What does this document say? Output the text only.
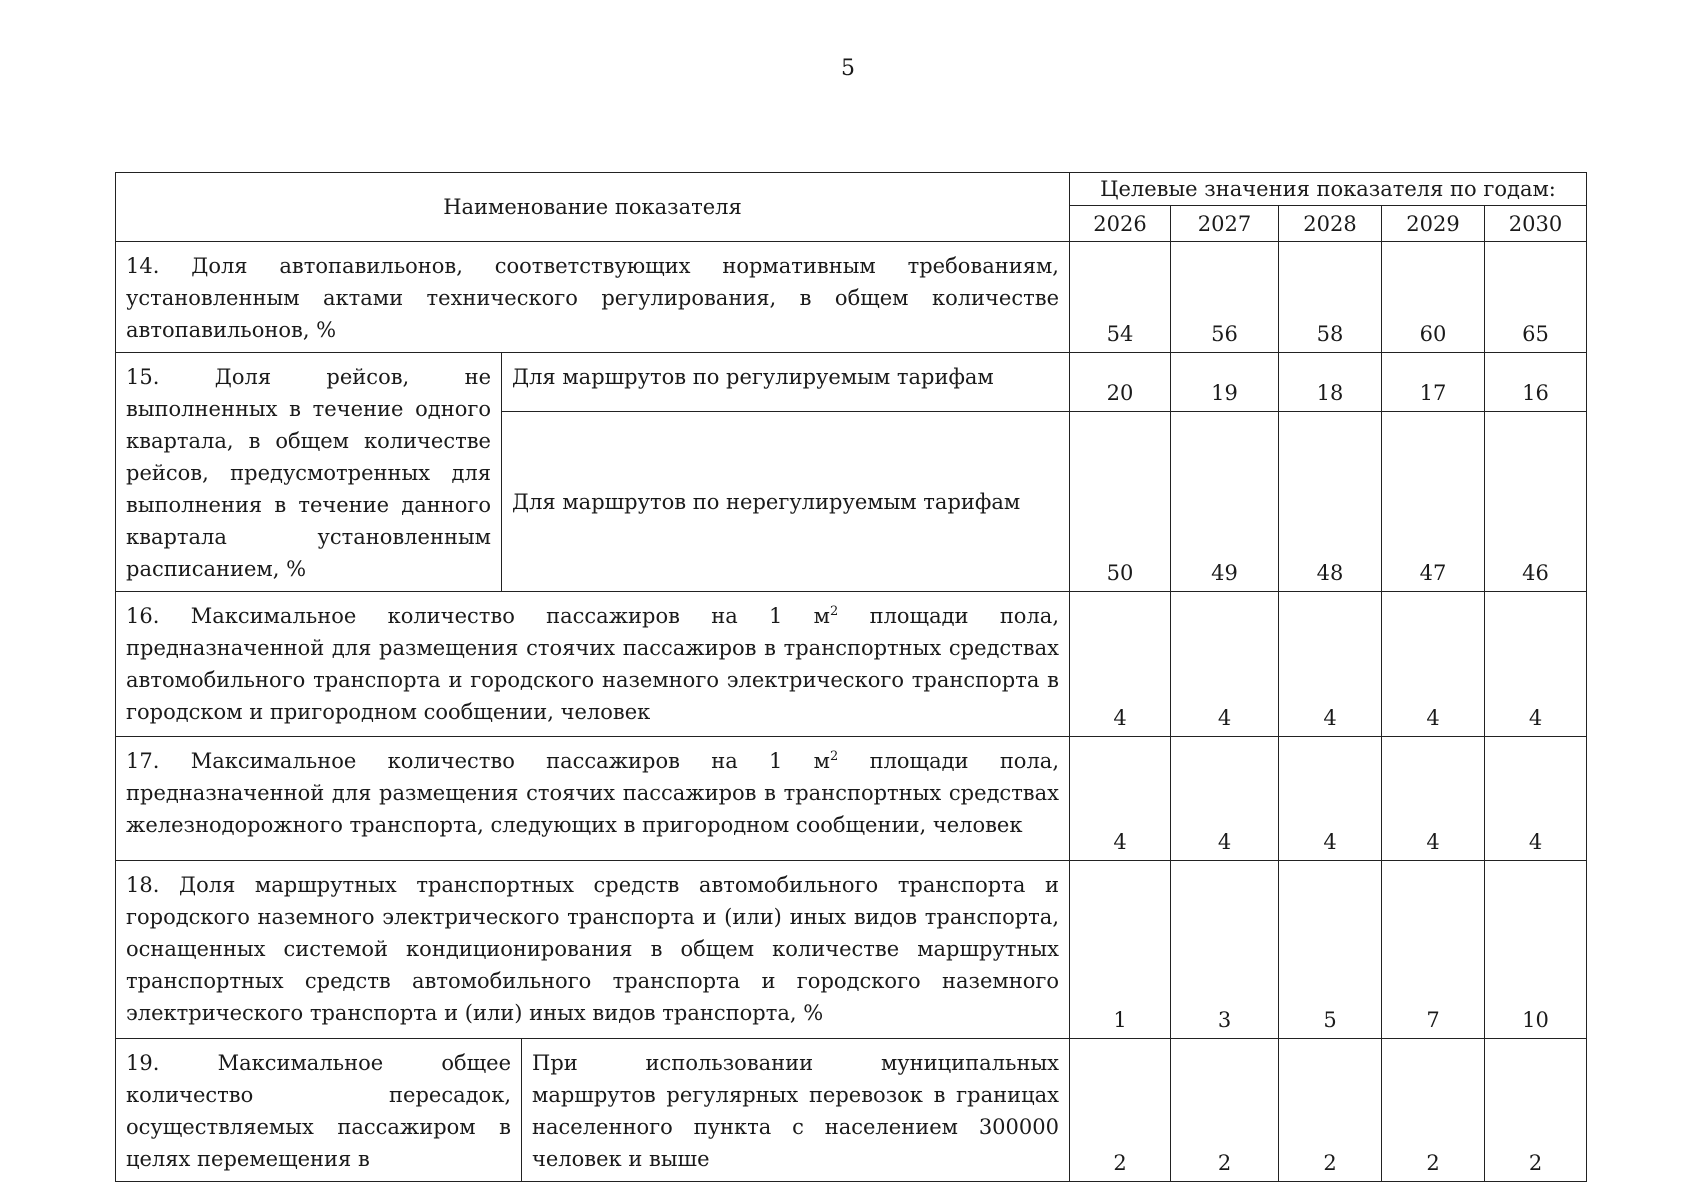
5
Наименование показателя			Целевые значения показателя по годам:				
			2026	2027	2028	2029	2030
14. Доля автопавильонов, соответствующих нормативным требованиям, установленным актами технического регулирования, в общем количестве автопавильонов, %			54	56	58	60	65
15. Доля рейсов, не выполненных в течение одного квартала, в общем количестве рейсов, предусмотренных для выполнения в течение данного квартала установленным расписанием, %	Для маршрутов по регулируемым тарифам		20	19	18	17	16
	Для маршрутов по нерегулируемым тарифам		50	49	48	47	46
16. Максимальное количество пассажиров на 1 $м^2$ площади пола, предназначенной для размещения стоячих пассажиров в транспортных средствах автомобильного транспорта и городского наземного электрического транспорта в городском и пригородном сообщении, человек			4	4	4	4	4
17. Максимальное количество пассажиров на 1 $м^2$ площади пола, предназначенной для размещения стоячих пассажиров в транспортных средствах железнодорожного транспорта, следующих в пригородном сообщении, человек			4	4	4	4	4
18. Доля маршрутных транспортных средств автомобильного транспорта и городского наземного электрического транспорта и (или) иных видов транспорта, оснащенных системой кондиционирования в общем количестве маршрутных транспортных средств автомобильного транспорта и городского наземного электрического транспорта и (или) иных видов транспорта, %			1	3	5	7	10
19. Максимальное общее количество пересадок, осуществляемых пассажиром в целях перемещения в		При использовании муниципальных маршрутов регулярных перевозок в границах населенного пункта с населением 300000 человек и выше	2	2	2	2	2
